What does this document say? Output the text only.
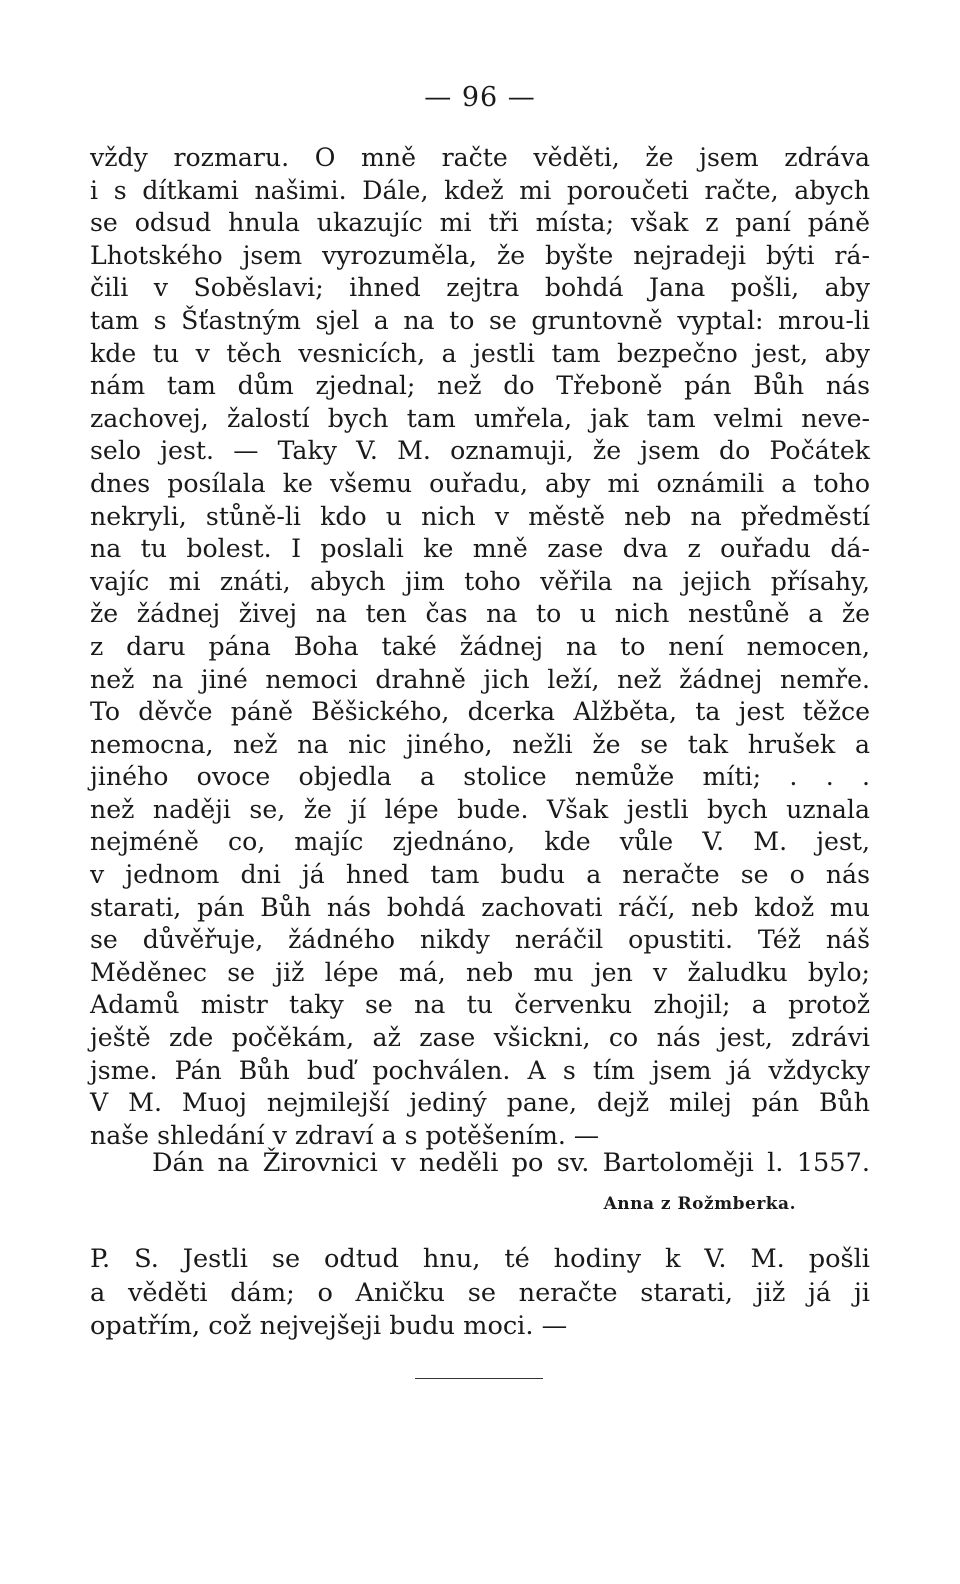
— 96 —
vždy rozmaru. O mně račte věděti, že jsem zdráva
i s dítkami našimi. Dále, kdež mi poroučeti račte, abych
se odsud hnula ukazujíc mi tři místa; však z paní páně
Lhotského jsem vyrozuměla, že byšte nejradeji býti rá-
čili v Soběslavi; ihned zejtra bohdá Jana pošli, aby
tam s Šťastným sjel a na to se gruntovně vyptal: mrou-li
kde tu v těch vesnicích, a jestli tam bezpečno jest, aby
nám tam dům zjednal; než do Třeboně pán Bůh nás
zachovej, žalostí bych tam umřela, jak tam velmi neve-
selo jest. — Taky V. M. oznamuji, že jsem do Počátek
dnes posílala ke všemu ouřadu, aby mi oznámili a toho
nekryli, stůně-li kdo u nich v městě neb na předměstí
na tu bolest. I poslali ke mně zase dva z ouřadu dá-
vajíc mi znáti, abych jim toho věřila na jejich přísahy,
že žádnej živej na ten čas na to u nich nestůně a že
z daru pána Boha také žádnej na to není nemocen,
než na jiné nemoci drahně jich leží, než žádnej nemře.
To děvče páně Běšického, dcerka Alžběta, ta jest těžce
nemocna, než na nic jiného, nežli že se tak hrušek a
jiného ovoce objedla a stolice nemůže míti; . . .
než naději se, že jí lépe bude. Však jestli bych uznala
nejméně co, majíc zjednáno, kde vůle V. M. jest,
v jednom dni já hned tam budu a neračte se o nás
starati, pán Bůh nás bohdá zachovati ráčí, neb kdož mu
se důvěřuje, žádného nikdy neráčil opustiti. Též náš
Měděnec se již lépe má, neb mu jen v žaludku bylo;
Adamů mistr taky se na tu červenku zhojil; a protož
ještě zde počěkám, až zase všickni, co nás jest, zdrávi
jsme. Pán Bůh buď pochválen. A s tím jsem já vždycky
V M. Muoj nejmilejší jediný pane, dejž milej pán Bůh
naše shledání v zdraví a s potěšením. —
Dán na Žirovnici v neděli po sv. Bartoloměji l. 1557.
Anna z Rožmberka.
P. S. Jestli se odtud hnu, té hodiny k V. M. pošli
a věděti dám; o Aničku se neračte starati, již já ji
opatřím, což nejvejšeji budu moci. —
